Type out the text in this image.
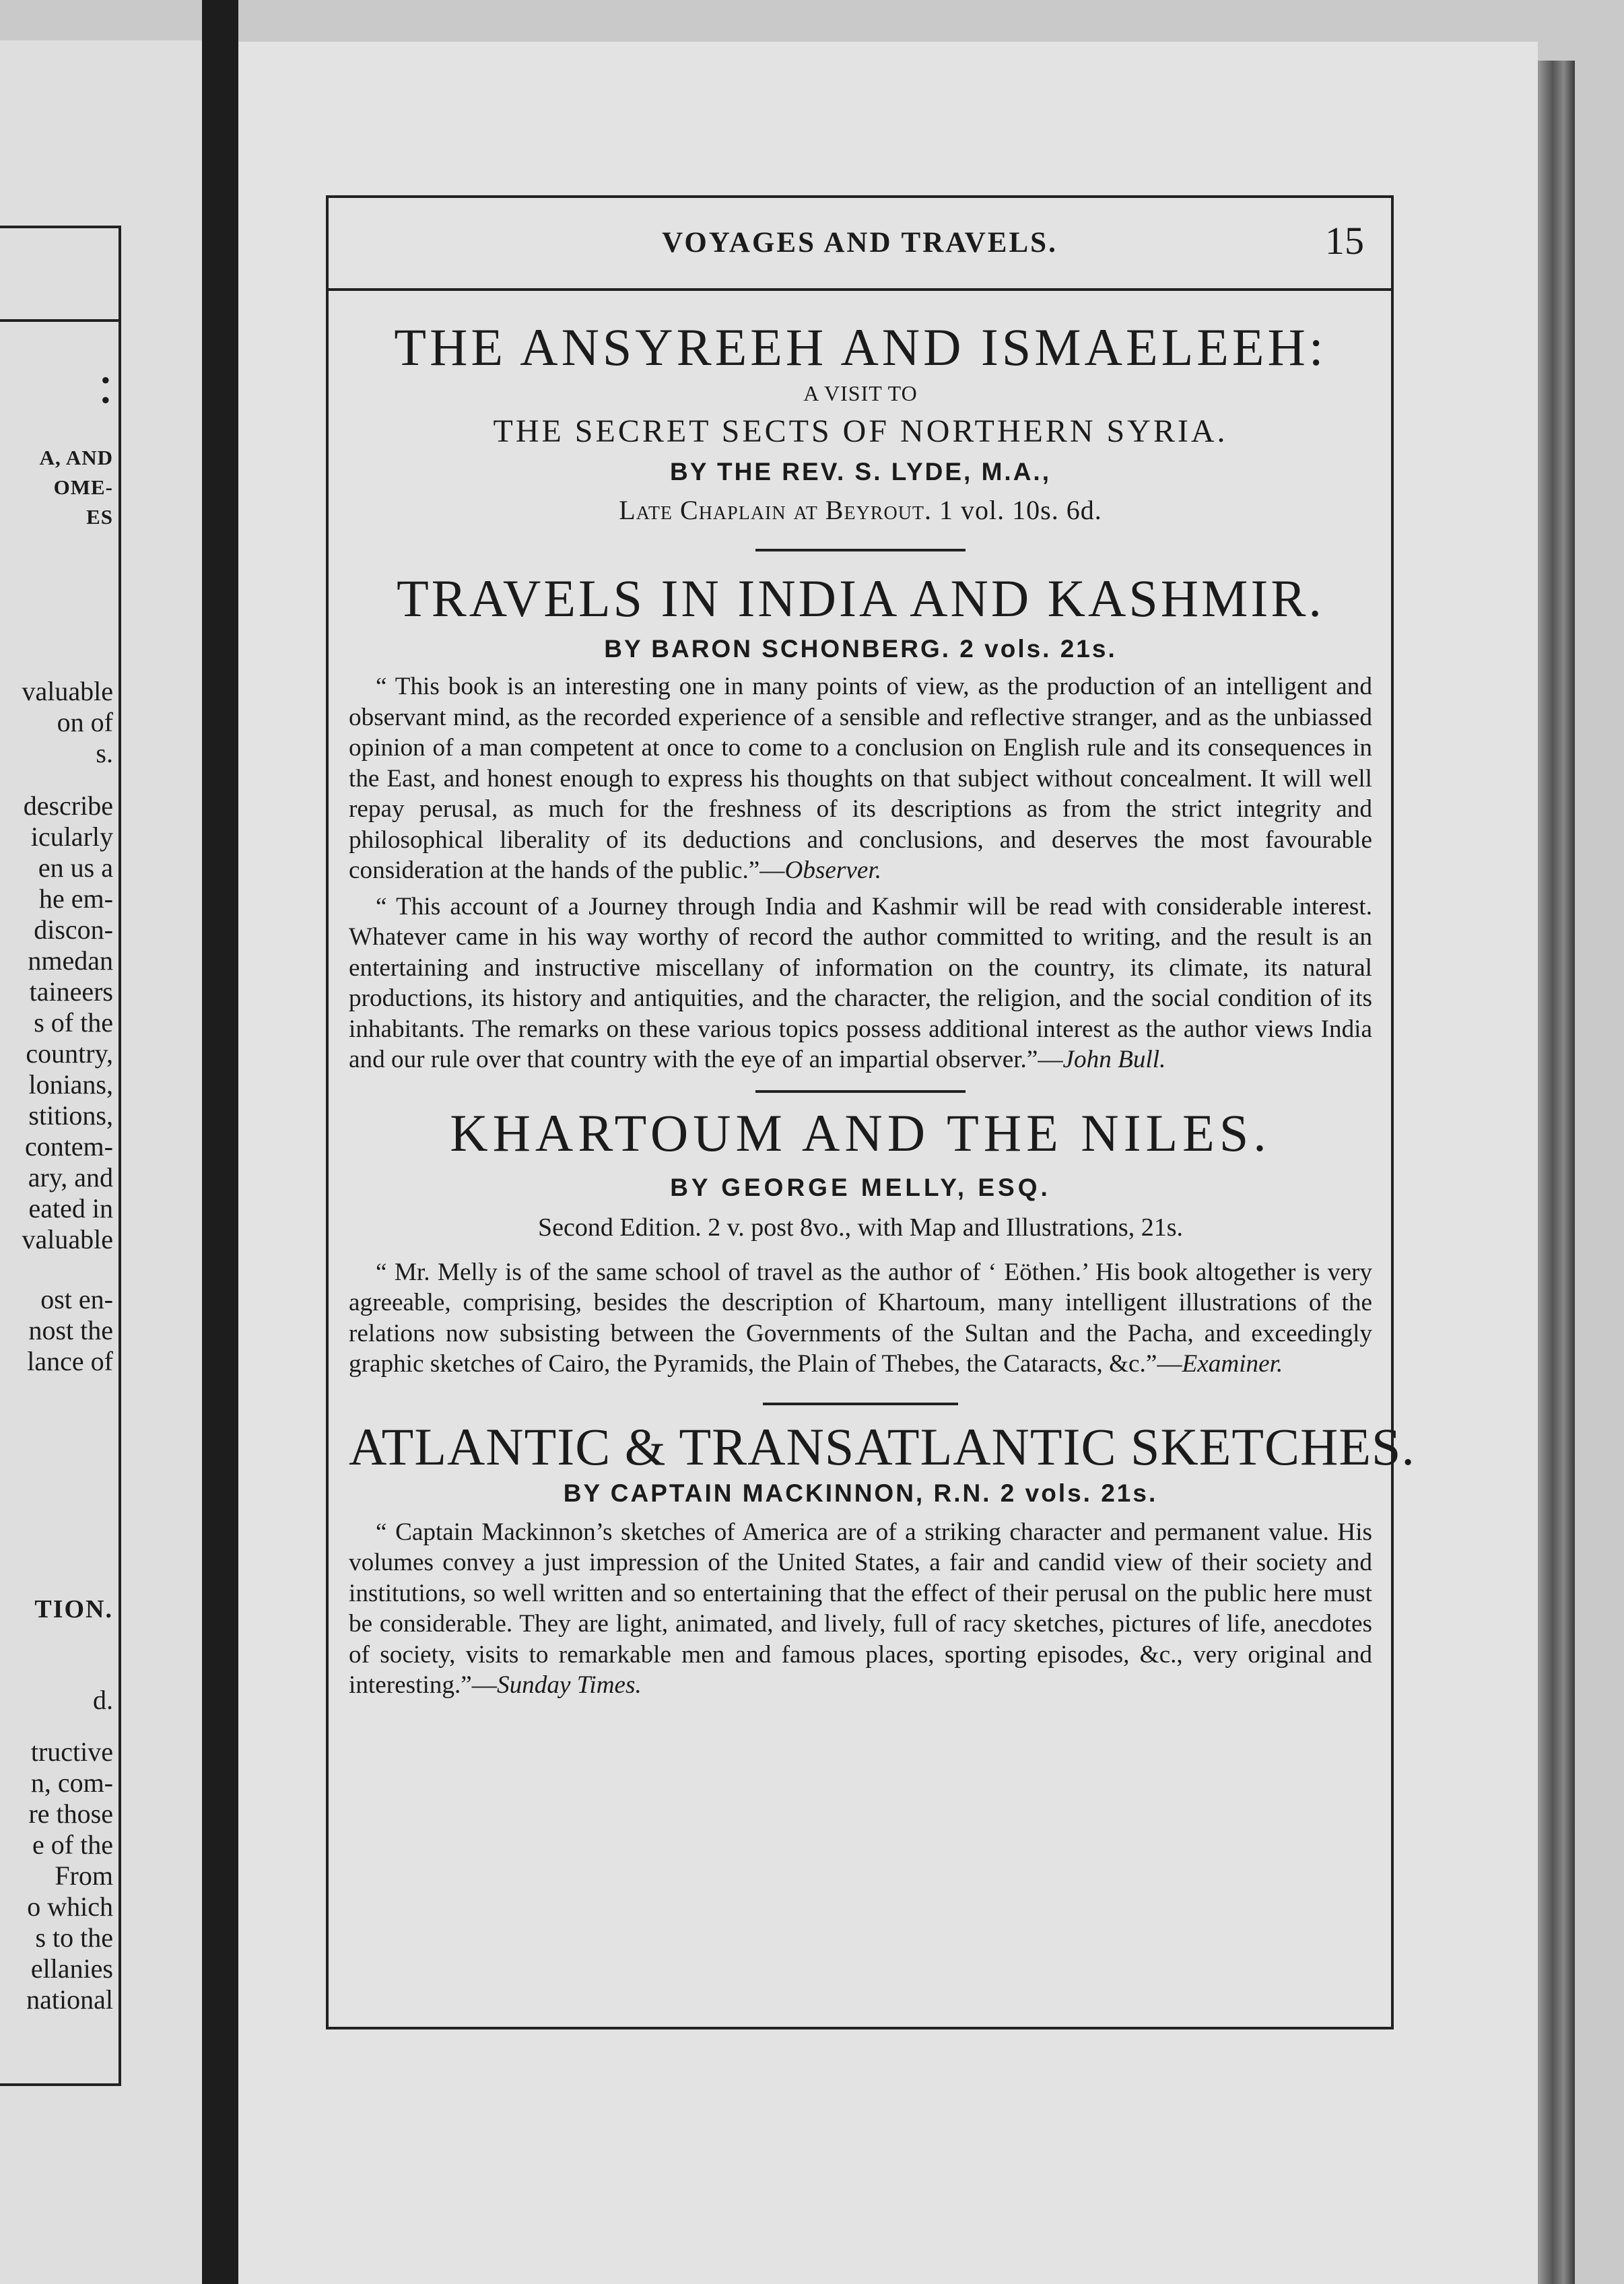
:
A, AND
OME-
ES
valuable
on of
s.
describe
icularly
en us a
he em-
discon-
nmedan
taineers
s of the
country,
lonians,
stitions,
contem-
ary, and
eated in
valuable
ost en-
nost the
lance of
TION.
d.
tructive
n, com-
re those
e of the
From
o which
s to the
ellanies
national
VOYAGES AND TRAVELS.	15
THE ANSYREEH AND ISMAELEEH:
A VISIT TO
THE SECRET SECTS OF NORTHERN SYRIA.
BY THE REV. S. LYDE, M.A.,
Late Chaplain at Beyrout. 1 vol. 10s. 6d.
TRAVELS IN INDIA AND KASHMIR.
BY BARON SCHONBERG. 2 vols. 21s.

“ This book is an interesting one in many points of view, as the production of an intelligent and observant mind, as the recorded experience of a sensible and reflective stranger, and as the unbiassed opinion of a man competent at once to come to a conclusion on English rule and its consequences in the East, and honest enough to express his thoughts on that subject without concealment. It will well repay perusal, as much for the freshness of its descriptions as from the strict integrity and philosophical liberality of its deductions and conclusions, and deserves the most favourable consideration at the hands of the public.”—Observer.

“ This account of a Journey through India and Kashmir will be read with considerable interest. Whatever came in his way worthy of record the author committed to writing, and the result is an entertaining and instructive miscellany of information on the country, its climate, its natural productions, its history and antiquities, and the character, the religion, and the social condition of its inhabitants. The remarks on these various topics possess additional interest as the author views India and our rule over that country with the eye of an impartial observer.”—John Bull.

KHARTOUM AND THE NILES.
BY GEORGE MELLY, ESQ.
Second Edition. 2 v. post 8vo., with Map and Illustrations, 21s.

“ Mr. Melly is of the same school of travel as the author of ‘ Eöthen.’ His book altogether is very agreeable, comprising, besides the description of Khartoum, many intelligent illustrations of the relations now subsisting between the Governments of the Sultan and the Pacha, and exceedingly graphic sketches of Cairo, the Pyramids, the Plain of Thebes, the Cataracts, &c.”—Examiner.

ATLANTIC & TRANSATLANTIC SKETCHES.
BY CAPTAIN MACKINNON, R.N. 2 vols. 21s.

“ Captain Mackinnon’s sketches of America are of a striking character and permanent value. His volumes convey a just impression of the United States, a fair and candid view of their society and institutions, so well written and so entertaining that the effect of their perusal on the public here must be considerable. They are light, animated, and lively, full of racy sketches, pictures of life, anecdotes of society, visits to remarkable men and famous places, sporting episodes, &c., very original and interesting.”—Sunday Times.
